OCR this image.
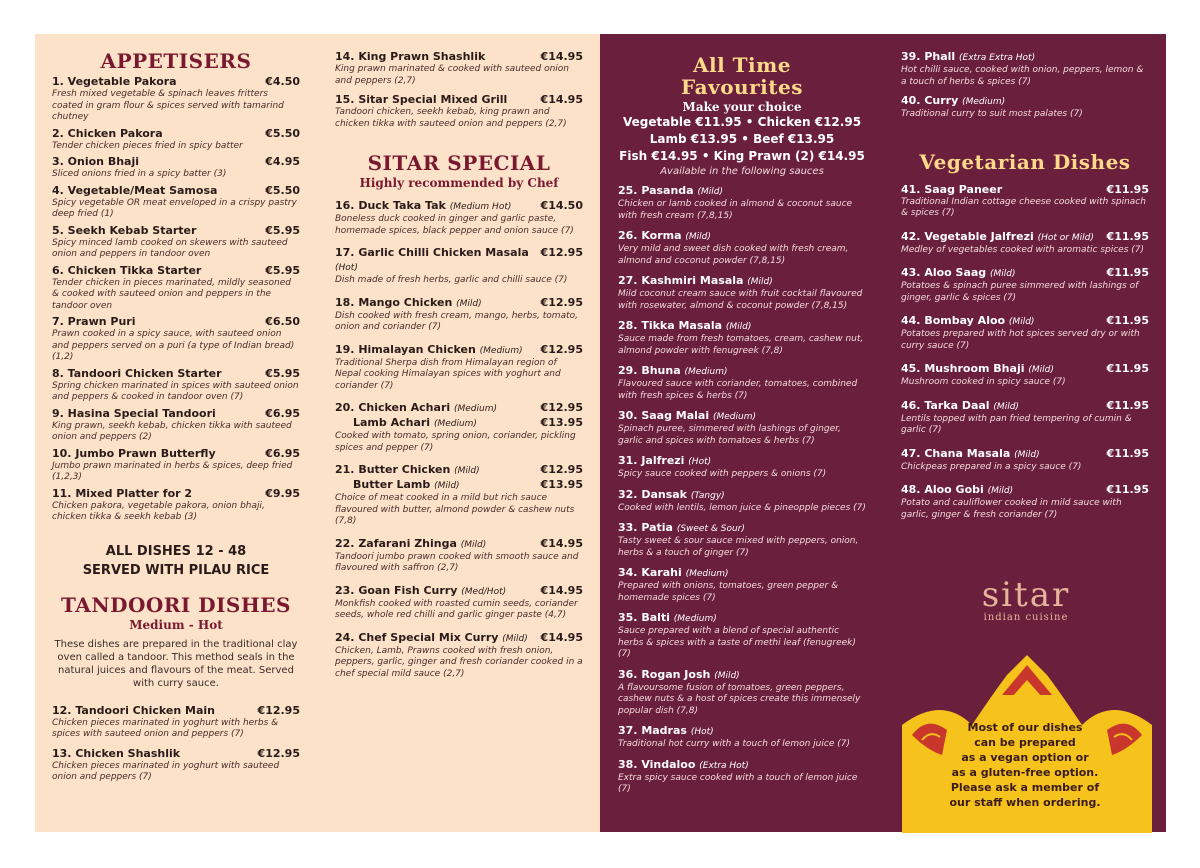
APPETISERS
1. Vegetable Pakora	€4.50
Fresh mixed vegetable & spinach leaves fritters coated in gram flour & spices served with tamarind chutney
2. Chicken Pakora	€5.50
Tender chicken pieces fried in spicy batter
3. Onion Bhaji	€4.95
Sliced onions fried in a spicy batter (3)
4. Vegetable/Meat Samosa	€5.50
Spicy vegetable OR meat enveloped in a crispy pastry deep fried (1)
5. Seekh Kebab Starter	€5.95
Spicy minced lamb cooked on skewers with sauteed onion and peppers in tandoor oven
6. Chicken Tikka Starter	€5.95
Tender chicken in pieces marinated, mildly seasoned & cooked with sauteed onion and peppers in the tandoor oven
7. Prawn Puri	€6.50
Prawn cooked in a spicy sauce, with sauteed onion and peppers served on a puri (a type of Indian bread) (1,2)
8. Tandoori Chicken Starter	€5.95
Spring chicken marinated in spices with sauteed onion and peppers & cooked in tandoor oven (7)
9. Hasina Special Tandoori	€6.95
King prawn, seekh kebab, chicken tikka with sauteed onion and peppers (2)
10. Jumbo Prawn Butterfly	€6.95
Jumbo prawn marinated in herbs & spices, deep fried (1,2,3)
11. Mixed Platter for 2	€9.95
Chicken pakora, vegetable pakora, onion bhaji, chicken tikka & seekh kebab (3)
ALL DISHES 12 - 48
SERVED WITH PILAU RICE
TANDOORI DISHES
Medium - Hot
These dishes are prepared in the traditional clay oven called a tandoor. This method seals in the natural juices and flavours of the meat. Served with curry sauce.
12. Tandoori Chicken Main	€12.95
Chicken pieces marinated in yoghurt with herbs & spices with sauteed onion and peppers (7)
13. Chicken Shashlik	€12.95
Chicken pieces marinated in yoghurt with sauteed onion and peppers (7)
14. King Prawn Shashlik	€14.95
King prawn marinated & cooked with sauteed onion and peppers (2,7)
15. Sitar Special Mixed Grill	€14.95
Tandoori chicken, seekh kebab, king prawn and chicken tikka with sauteed onion and peppers (2,7)
SITAR SPECIAL
Highly recommended by Chef
16. Duck Taka Tak (Medium Hot)	€14.50
Boneless duck cooked in ginger and garlic paste, homemade spices, black pepper and onion sauce (7)
17. Garlic Chilli Chicken Masala (Hot)
€12.95
Dish made of fresh herbs, garlic and chilli sauce (7)
18. Mango Chicken (Mild)	€12.95
Dish cooked with fresh cream, mango, herbs, tomato, onion and coriander (7)
19. Himalayan Chicken (Medium) €12.95
Traditional Sherpa dish from Himalayan region of Nepal cooking Himalayan spices with yoghurt and coriander (7)
20. Chicken Achari (Medium)	€12.95
Lamb Achari (Medium)	€13.95
Cooked with tomato, spring onion, coriander, pickling spices and pepper (7)
21. Butter Chicken (Mild)	€12.95
Butter Lamb (Mild)	€13.95
Choice of meat cooked in a mild but rich sauce flavoured with butter, almond powder & cashew nuts (7,8)
22. Zafarani Zhinga (Mild)	€14.95
Tandoori jumbo prawn cooked with smooth sauce and flavoured with saffron (2,7)
23. Goan Fish Curry (Med/Hot)	€14.95
Monkfish cooked with roasted cumin seeds, coriander seeds, whole red chilli and garlic ginger paste (4,7)
24. Chef Special Mix Curry (Mild) €14.95
Chicken, Lamb, Prawns cooked with fresh onion, peppers, garlic, ginger and fresh coriander cooked in a chef special mild sauce (2,7)
All Time
Favourites
Make your choice
Vegetable €11.95 • Chicken €12.95
Lamb €13.95 • Beef €13.95
Fish €14.95 • King Prawn (2) €14.95
Available in the following sauces
25. Pasanda (Mild)
Chicken or lamb cooked in almond & coconut sauce with fresh cream (7,8,15)
26. Korma (Mild)
Very mild and sweet dish cooked with fresh cream, almond and coconut powder (7,8,15)
27. Kashmiri Masala (Mild)
Mild coconut cream sauce with fruit cocktail flavoured with rosewater, almond & coconut powder (7,8,15)
28. Tikka Masala (Mild)
Sauce made from fresh tomatoes, cream, cashew nut, almond powder with fenugreek (7,8)
29. Bhuna (Medium)
Flavoured sauce with coriander, tomatoes, combined with fresh spices & herbs (7)
30. Saag Malai (Medium)
Spinach puree, simmered with lashings of ginger, garlic and spices with tomatoes & herbs (7)
31. Jalfrezi (Hot)
Spicy sauce cooked with peppers & onions (7)
32. Dansak (Tangy)
Cooked with lentils, lemon juice & pineopple pieces (7)
33. Patia (Sweet & Sour)
Tasty sweet & sour sauce mixed with peppers, onion, herbs & a touch of ginger (7)
34. Karahi (Medium)
Prepared with onions, tomatoes, green pepper & homemade spices (7)
35. Balti (Medium)
Sauce prepared with a blend of special authentic herbs & spices with a taste of methi leaf (fenugreek) (7)
36. Rogan Josh (Mild)
A flavoursome fusion of tomatoes, green peppers, cashew nuts & a host of spices create this immensely popular dish (7,8)
37. Madras (Hot)
Traditional hot curry with a touch of lemon juice (7)
38. Vindaloo (Extra Hot)
Extra spicy sauce cooked with a touch of lemon juice (7)
39. Phall (Extra Extra Hot)
Hot chilli sauce, cooked with onion, peppers, lemon & a touch of herbs & spices (7)
40. Curry (Medium)
Traditional curry to suit most palates (7)
Vegetarian Dishes
41. Saag Paneer	€11.95
Traditional Indian cottage cheese cooked with spinach & spices (7)
42. Vegetable Jalfrezi (Hot or Mild) €11.95
Medley of vegetables cooked with aromatic spices (7)
43. Aloo Saag (Mild)	€11.95
Potatoes & spinach puree simmered with lashings of ginger, garlic & spices (7)
44. Bombay Aloo (Mild)	€11.95
Potatoes prepared with hot spices served dry or with curry sauce (7)
45. Mushroom Bhaji (Mild)	€11.95
Mushroom cooked in spicy sauce (7)
46. Tarka Daal (Mild)	€11.95
Lentils topped with pan fried tempering of cumin & garlic (7)
47. Chana Masala (Mild)	€11.95
Chickpeas prepared in a spicy sauce (7)
48. Aloo Gobi (Mild)	€11.95
Potato and cauliflower cooked in mild sauce with garlic, ginger & fresh coriander (7)
sitar
indian cuisine
Most of our dishes
can be prepared
as a vegan option or
as a gluten-free option.
Please ask a member of
our staff when ordering.
